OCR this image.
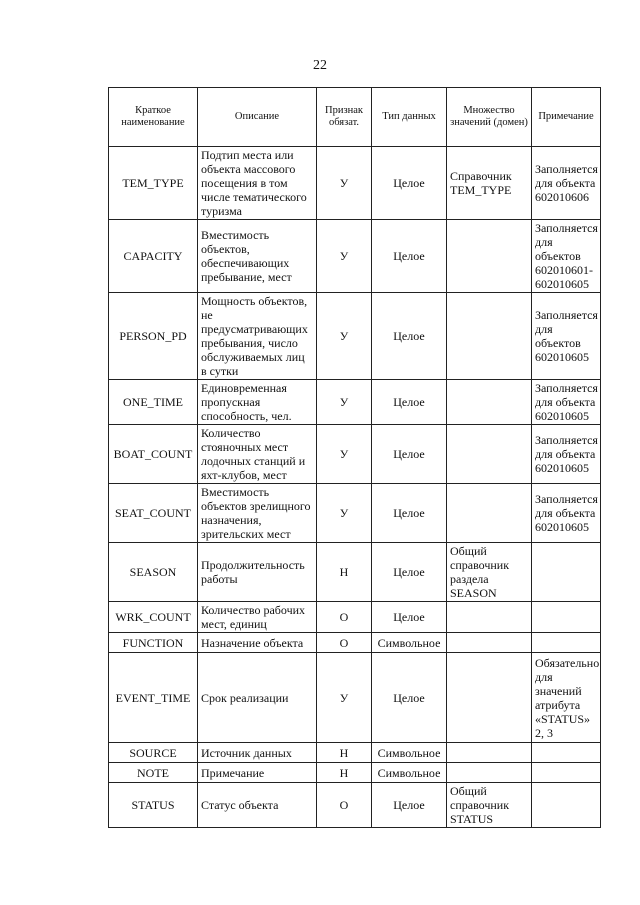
22
Краткое наименование	Описание	Признак обязат.	Тип данных	Множество значений (домен)	Примечание
TEM_TYPE	Подтип места или объекта массового посещения в том числе тематического туризма	У	Целое	Справочник TEM_TYPE	Заполняется для объекта 602010606
CAPACITY	Вместимость объектов, обеспечивающих пребывание, мест	У	Целое		Заполняется для объектов 602010601-602010605
PERSON_PD	Мощность объектов, не предусматривающих пребывания, число обслуживаемых лиц в сутки	У	Целое		Заполняется для объектов 602010605
ONE_TIME	Единовременная пропускная способность, чел.	У	Целое		Заполняется для объекта 602010605
BOAT_COUNT	Количество стояночных мест лодочных станций и яхт-клубов, мест	У	Целое		Заполняется для объекта 602010605
SEAT_COUNT	Вместимость объектов зрелищного назначения, зрительских мест	У	Целое		Заполняется для объекта 602010605
SEASON	Продолжительность работы	Н	Целое	Общий справочник раздела SEASON	
WRK_COUNT	Количество рабочих мест, единиц	О	Целое		
FUNCTION	Назначение объекта	О	Символьное		
EVENT_TIME	Срок реализации	У	Целое		Обязательно для значений атрибута «STATUS» 2, 3
SOURCE	Источник данных	Н	Символьное		
NOTE	Примечание	Н	Символьное		
STATUS	Статус объекта	О	Целое	Общий справочник STATUS	
